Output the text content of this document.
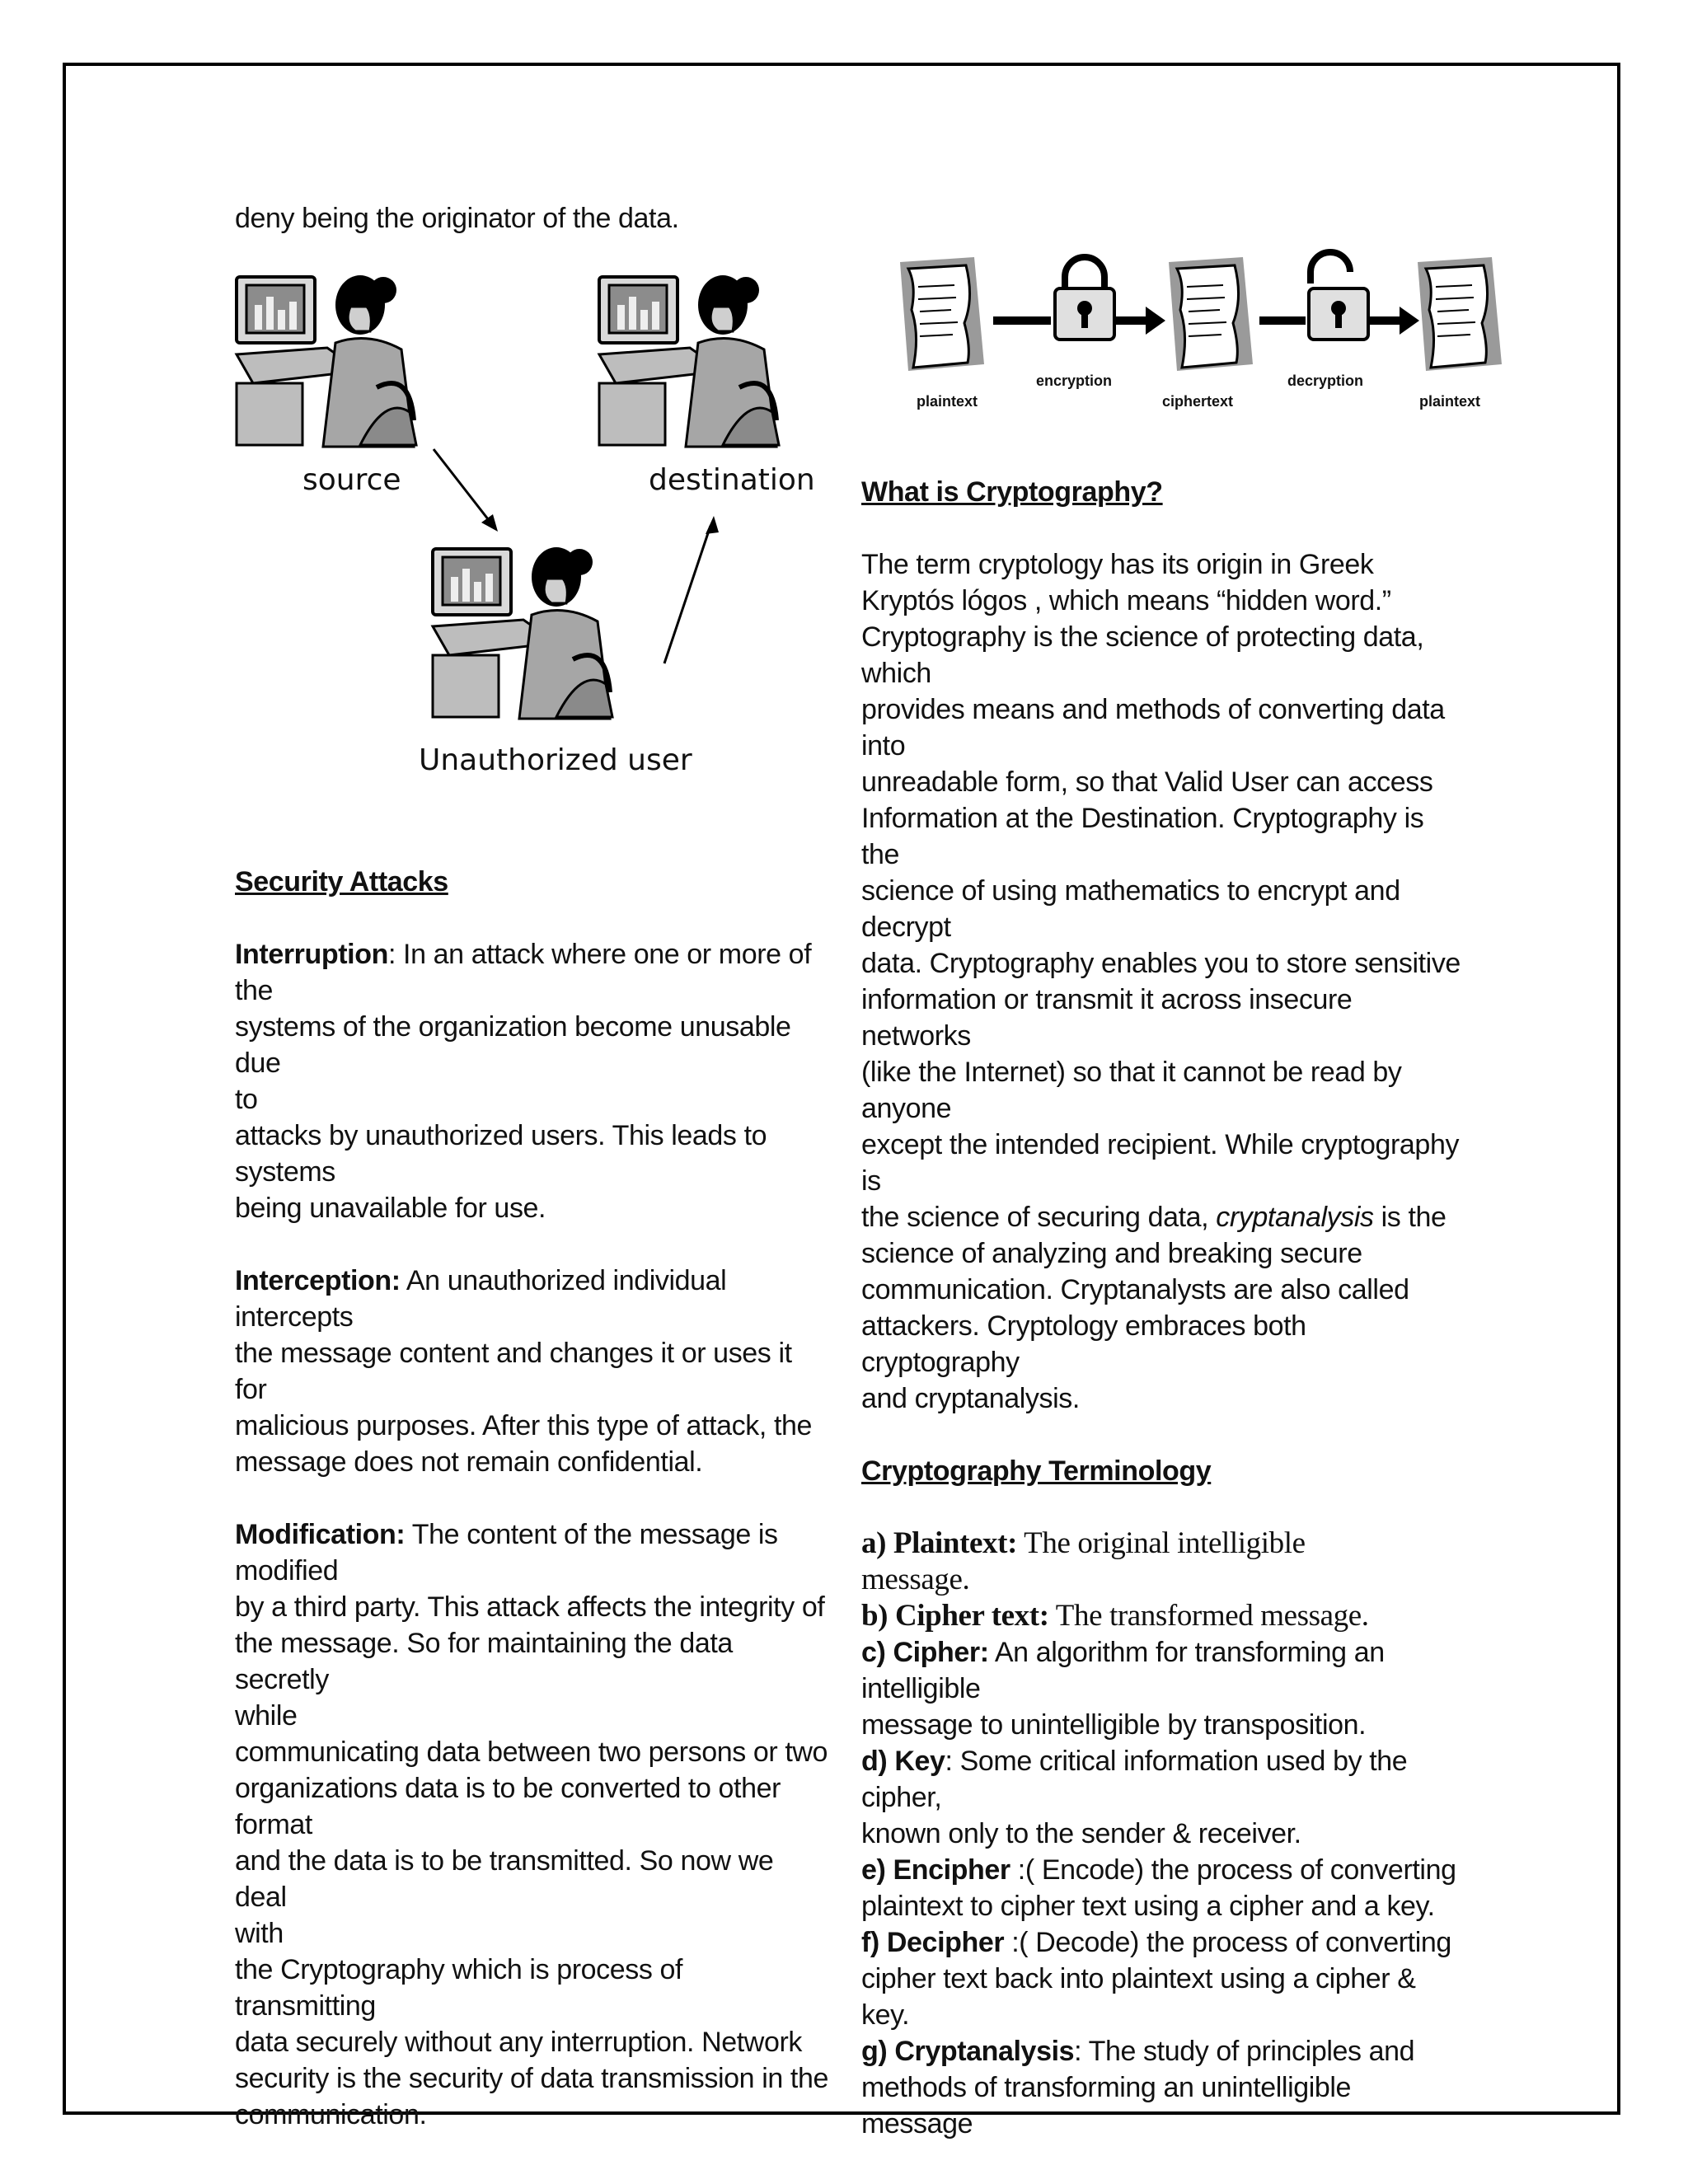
deny being the originator of the data.

source	destination
Unauthorized user

Security Attacks

Interruption: In an attack where one or more of

the

systems of the organization become unusable due

to

attacks by unauthorized users. This leads to

systems

being unavailable for use.

Interception: An unauthorized individual

intercepts

the message content and changes it or uses it for

malicious purposes. After this type of attack, the

message does not remain confidential.

Modification: The content of the message is

modified

by a third party. This attack affects the integrity of

the message. So for maintaining the data secretly

while

communicating data between two persons or two

organizations data is to be converted to other

format

and the data is to be transmitted. So now we deal

with

the Cryptography which is process of transmitting

data securely without any interruption. Network

security is the security of data transmission in the

communication.

plaintext
encryption
ciphertext
decryption
plaintext

What is Cryptography?

The term cryptology has its origin in Greek

Kryptós lógos , which means “hidden word.”

Cryptography is the science of protecting data,

which

provides means and methods of converting data

into

unreadable form, so that Valid User can access

Information at the Destination. Cryptography is the

science of using mathematics to encrypt and

decrypt

data. Cryptography enables you to store sensitive

information or transmit it across insecure networks

(like the Internet) so that it cannot be read by

anyone

except the intended recipient. While cryptography

is

the science of securing data, cryptanalysis is the

science of analyzing and breaking secure

communication. Cryptanalysts are also called

attackers. Cryptology embraces both cryptography

and cryptanalysis.

Cryptography Terminology

a) Plaintext: The original intelligible

message.

b) Cipher text: The transformed message.

c) Cipher: An algorithm for transforming an

intelligible

message to unintelligible by transposition.

d) Key: Some critical information used by the

cipher,

known only to the sender & receiver.

e) Encipher :( Encode) the process of converting

plaintext to cipher text using a cipher and a key.

f) Decipher :( Decode) the process of converting

cipher text back into plaintext using a cipher & key.

g) Cryptanalysis: The study of principles and

methods of transforming an unintelligible message
